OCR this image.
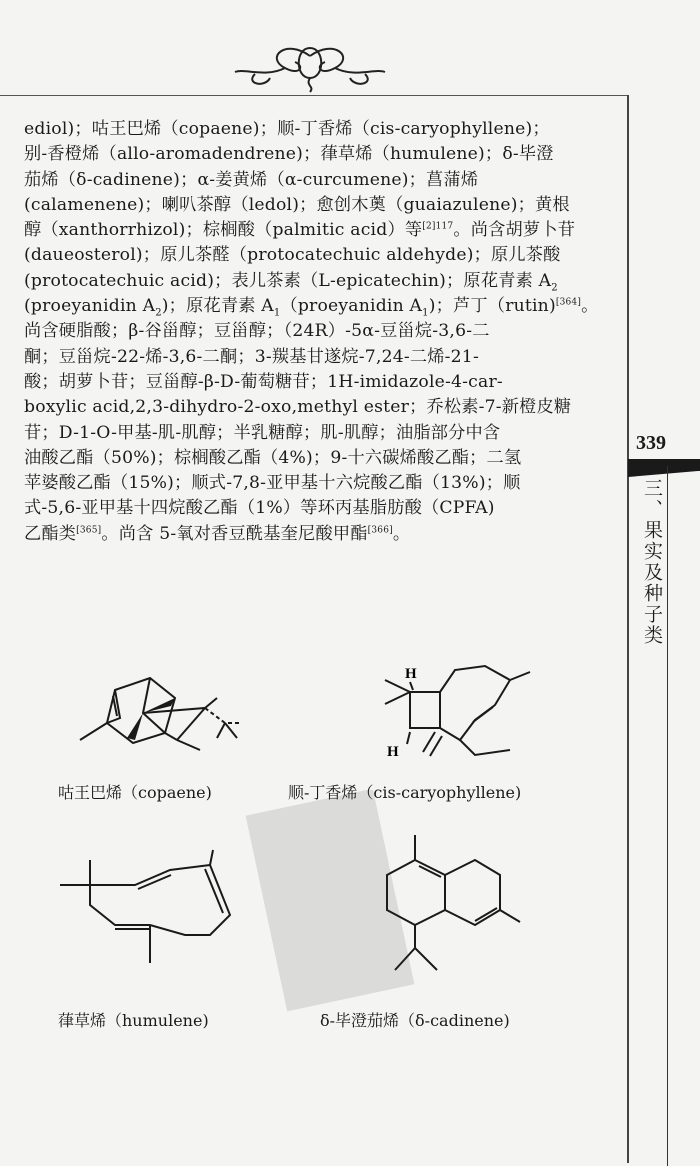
ediol)；咕王巴烯（copaene)；顺-丁香烯（cis-caryophyllene)；

别-香橙烯（allo-aromadendrene)；葎草烯（humulene)；δ-毕澄

茄烯（δ-cadinene)；α-姜黄烯（α-curcumene)；菖蒲烯

(calamenene)；喇叭茶醇（ledol)；愈创木薁（guaiazulene)；黄根

醇（xanthorrhizol)；棕榈酸（palmitic acid）等$^{[2]117}$。尚含胡萝卜苷

(daueosterol)；原儿茶醛（protocatechuic aldehyde)；原儿茶酸

(protocatechuic acid)；表儿茶素（L-epicatechin)；原花青素 $A_2$

(proeyanidin $A_2$)；原花青素 $A_1(proeyanidin$ $A_1$)；芦丁（rutin)[364]。

尚含硬脂酸；β-谷甾醇；豆甾醇；（24R）-5α-豆甾烷-3,6-二

酮；豆甾烷-22-烯-3,6-二酮；3-羰基甘遂烷-7,24-二烯-21-

酸；胡萝卜苷；豆甾醇-β-D-葡萄糖苷；1H-imidazole-4-car-

boxylic acid,2,3-dihydro-2-oxo,methyl ester；乔松素-7-新橙皮糖

苷；D-1-O-甲基-肌-肌醇；半乳糖醇；肌-肌醇；油脂部分中含

油酸乙酯（50%)；棕榈酸乙酯（4%)；9-十六碳烯酸乙酯；二氢

苹婆酸乙酯（15%)；顺式-7,8-亚甲基十六烷酸乙酯（13%)；顺

式-5,6-亚甲基十四烷酸乙酯（1%）等环丙基脂肪酸（CPFA)

乙酯类[365]。尚含 5-氧对香豆酰基奎尼酸甲酯[366]。

339
三、果实及种子类
咕王巴烯（copaene)
H
H
顺-丁香烯（cis-caryophyllene)
葎草烯（humulene)	δ-毕澄茄烯（δ-cadinene)
